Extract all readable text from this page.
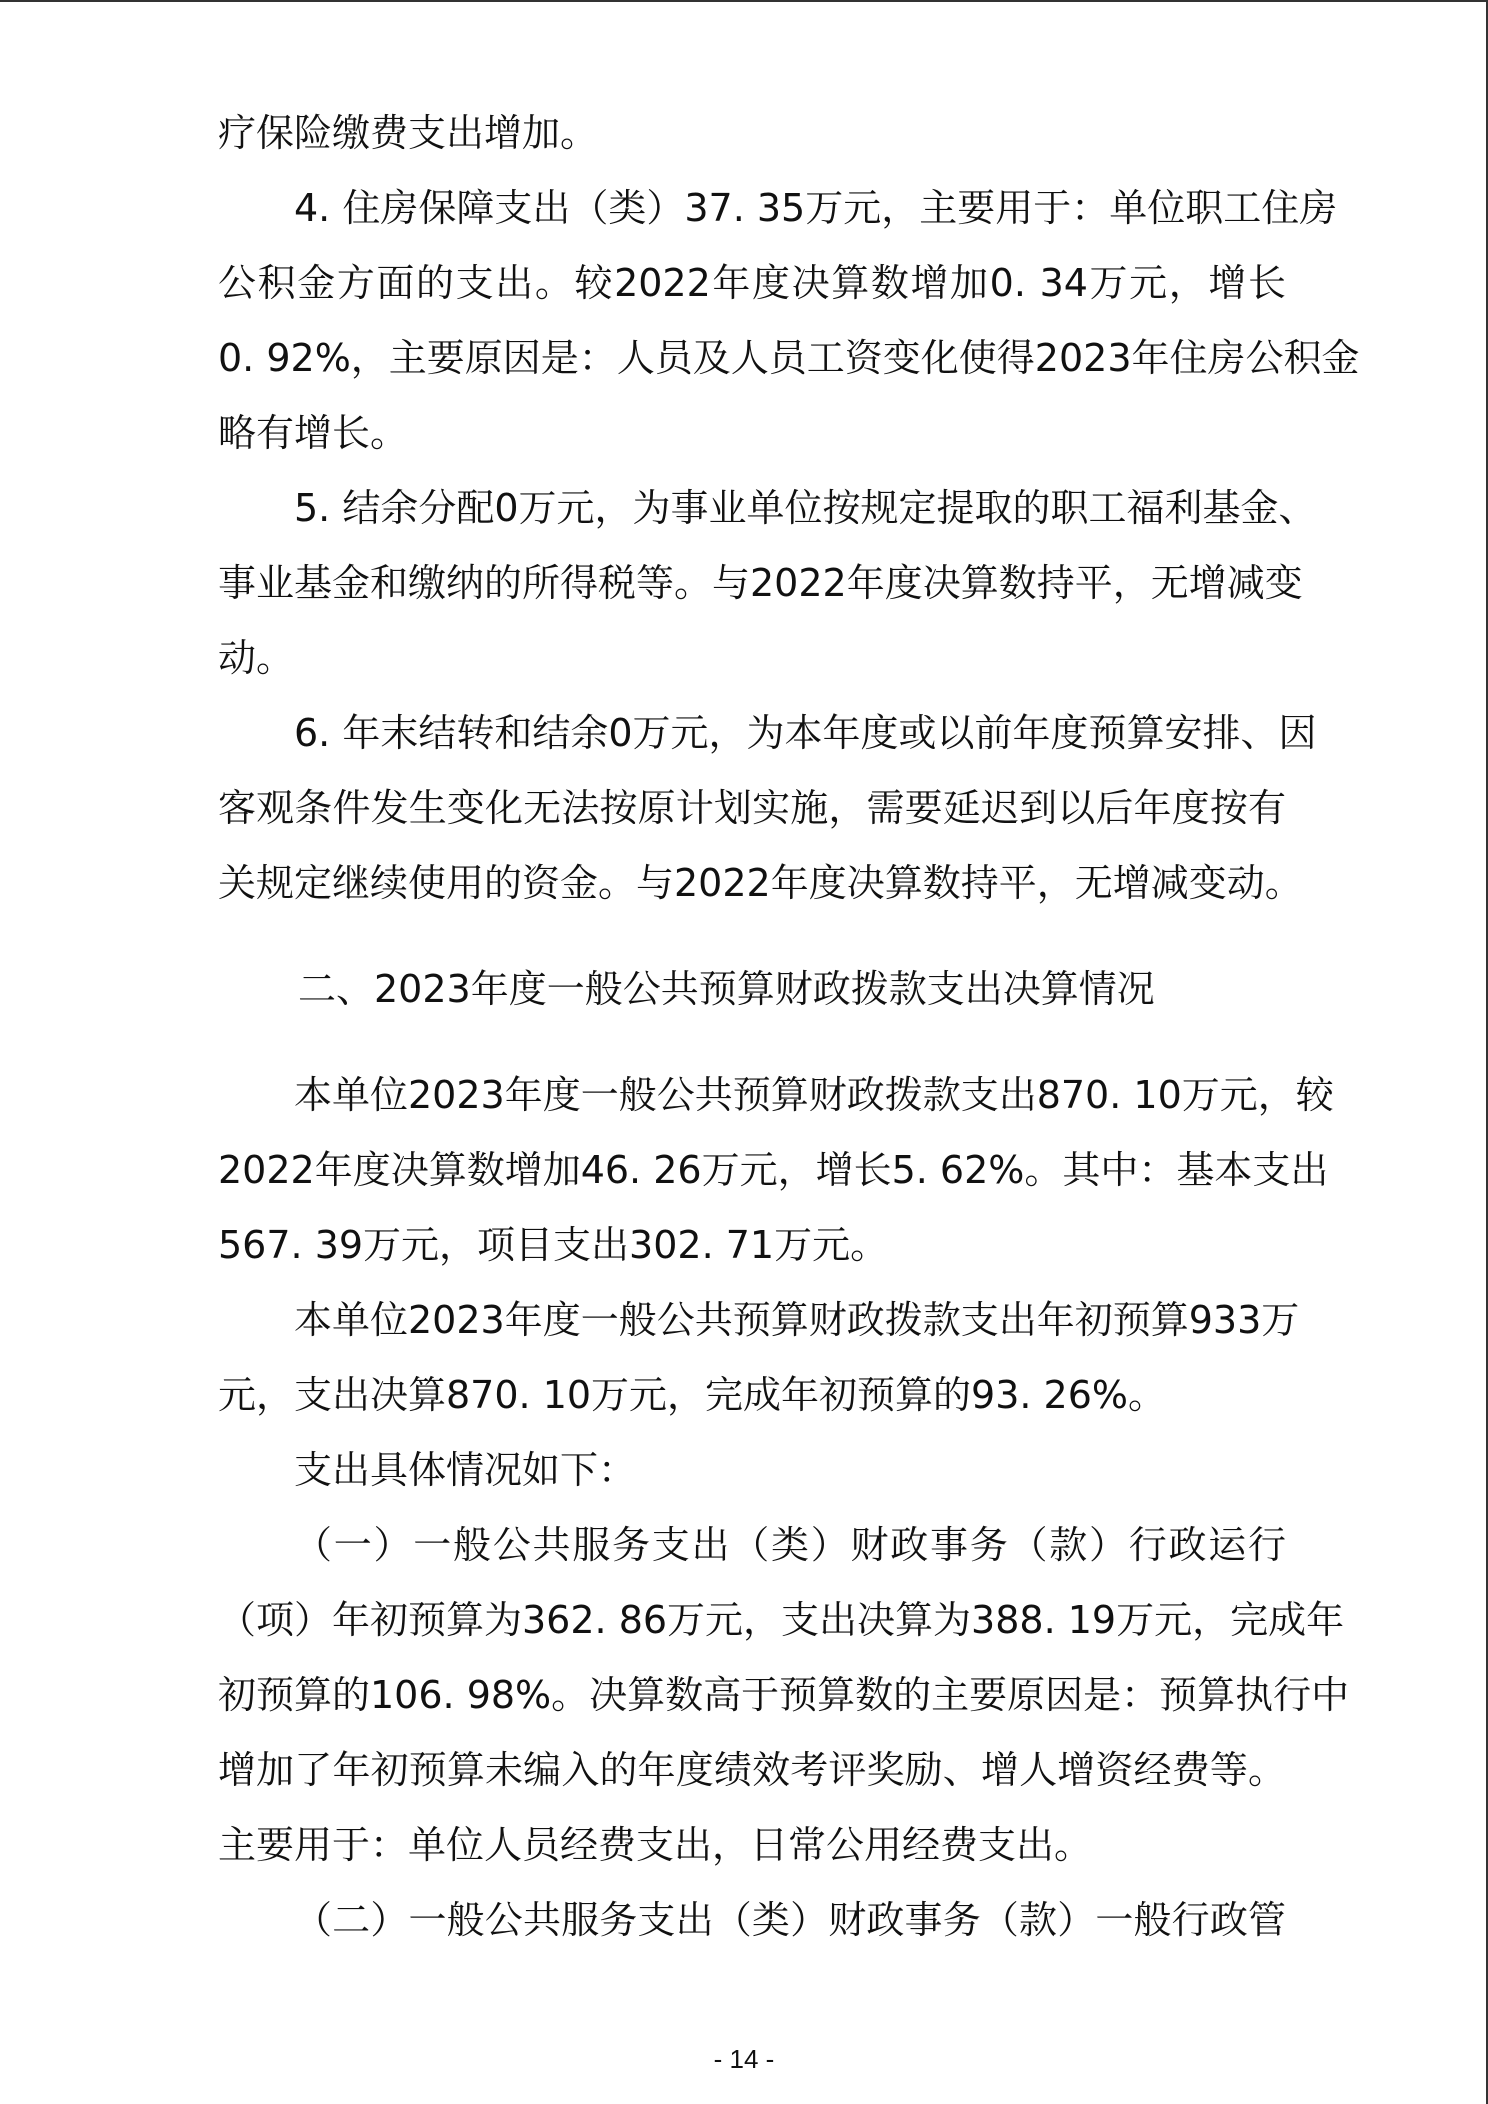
疗保险缴费支出增加。
4. 住房保障支出（类）37. 35万元，主要用于：单位职工住房
公积金方面的支出。较2022年度决算数增加0. 34万元，增长
0. 92%，主要原因是：人员及人员工资变化使得2023年住房公积金
略有增长。
5. 结余分配0万元，为事业单位按规定提取的职工福利基金、
事业基金和缴纳的所得税等。与2022年度决算数持平，无增减变
动。
6. 年末结转和结余0万元，为本年度或以前年度预算安排、因
客观条件发生变化无法按原计划实施，需要延迟到以后年度按有
关规定继续使用的资金。与2022年度决算数持平，无增减变动。
二、2023年度一般公共预算财政拨款支出决算情况
本单位2023年度一般公共预算财政拨款支出870. 10万元，较
2022年度决算数增加46. 26万元，增长5. 62%。其中：基本支出
567. 39万元，项目支出302. 71万元。
本单位2023年度一般公共预算财政拨款支出年初预算933万
元，支出决算870. 10万元，完成年初预算的93. 26%。
支出具体情况如下：
（一）一般公共服务支出（类）财政事务（款）行政运行
（项）年初预算为362. 86万元，支出决算为388. 19万元，完成年
初预算的106. 98%。决算数高于预算数的主要原因是：预算执行中
增加了年初预算未编入的年度绩效考评奖励、增人增资经费等。
主要用于：单位人员经费支出，日常公用经费支出。
（二）一般公共服务支出（类）财政事务（款）一般行政管
- 14 -
